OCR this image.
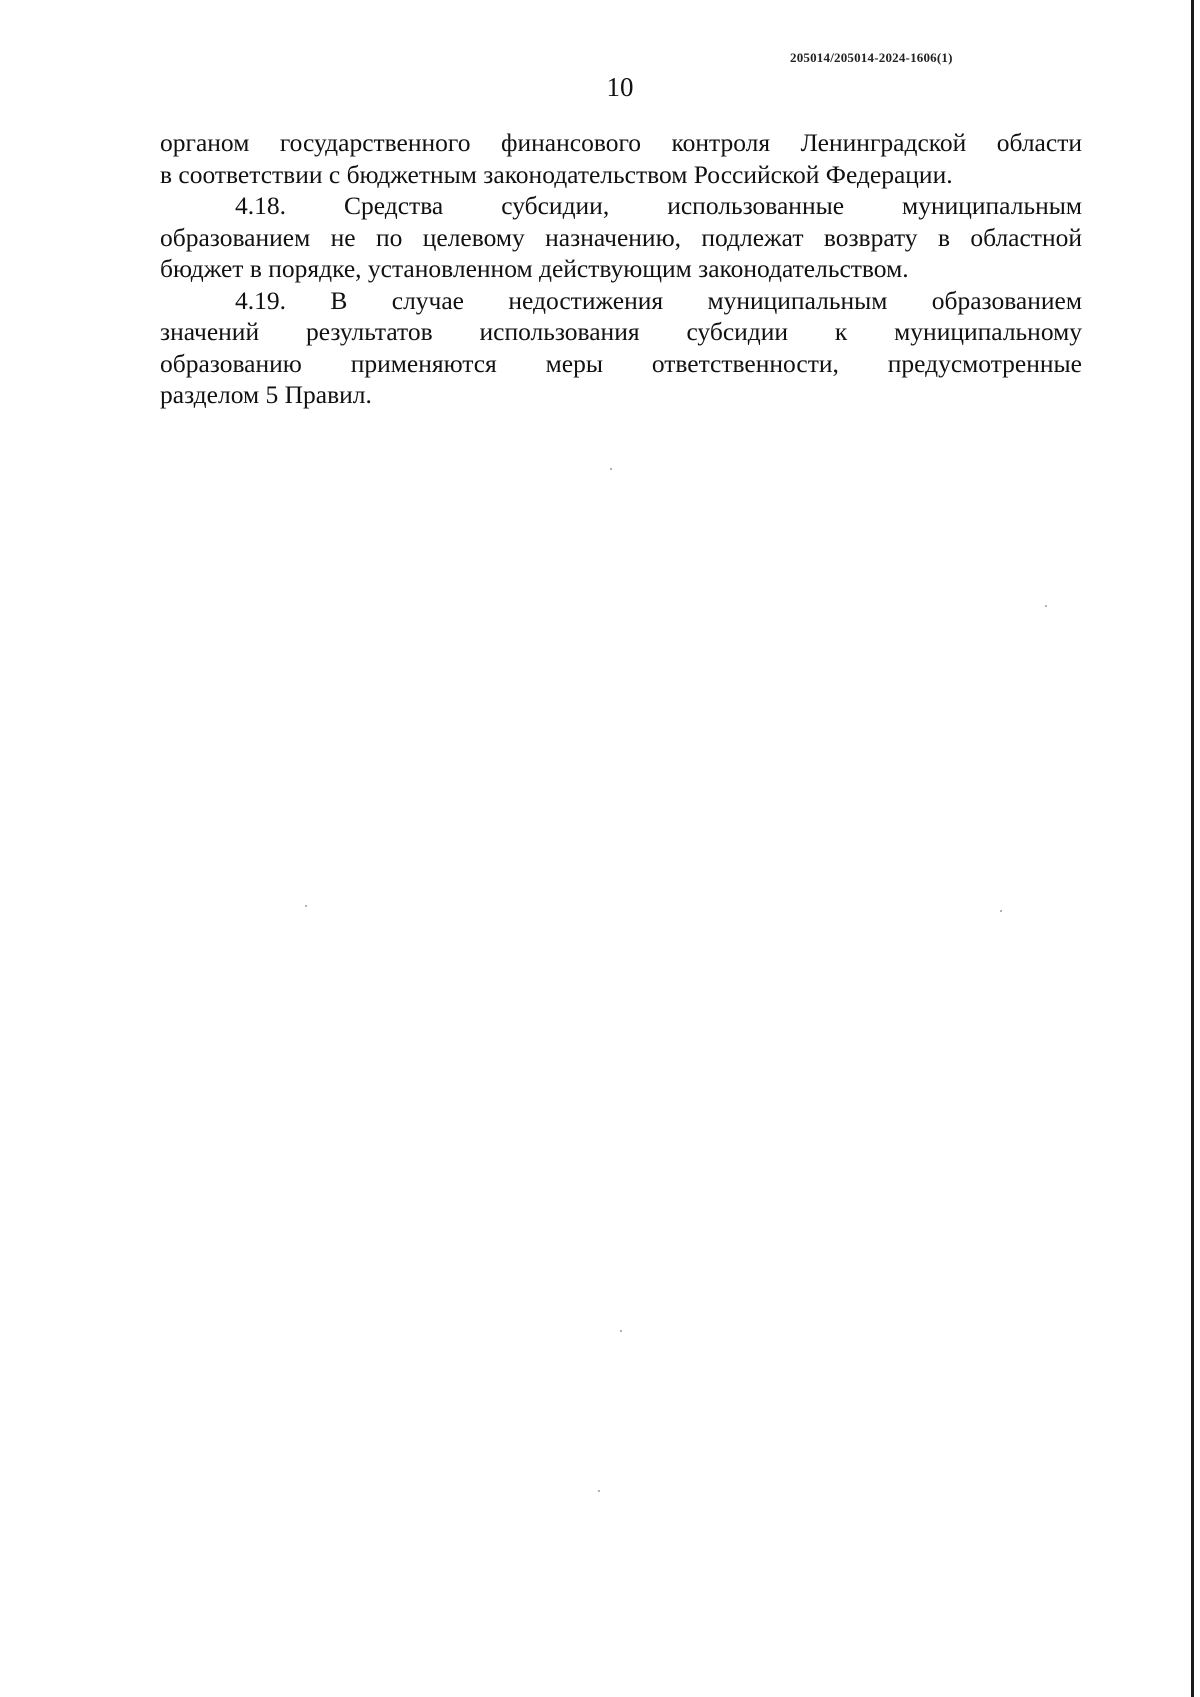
205014/205014-2024-1606(1)
10
органом государственного финансового контроля Ленинградской области
в соответствии с бюджетным законодательством Российской Федерации.
4.18. Средства субсидии, использованные муниципальным
образованием не по целевому назначению, подлежат возврату в областной
бюджет в порядке, установленном действующим законодательством.
4.19. В случае недостижения муниципальным образованием
значений результатов использования субсидии к муниципальному
образованию применяются меры ответственности, предусмотренные
разделом 5 Правил.
